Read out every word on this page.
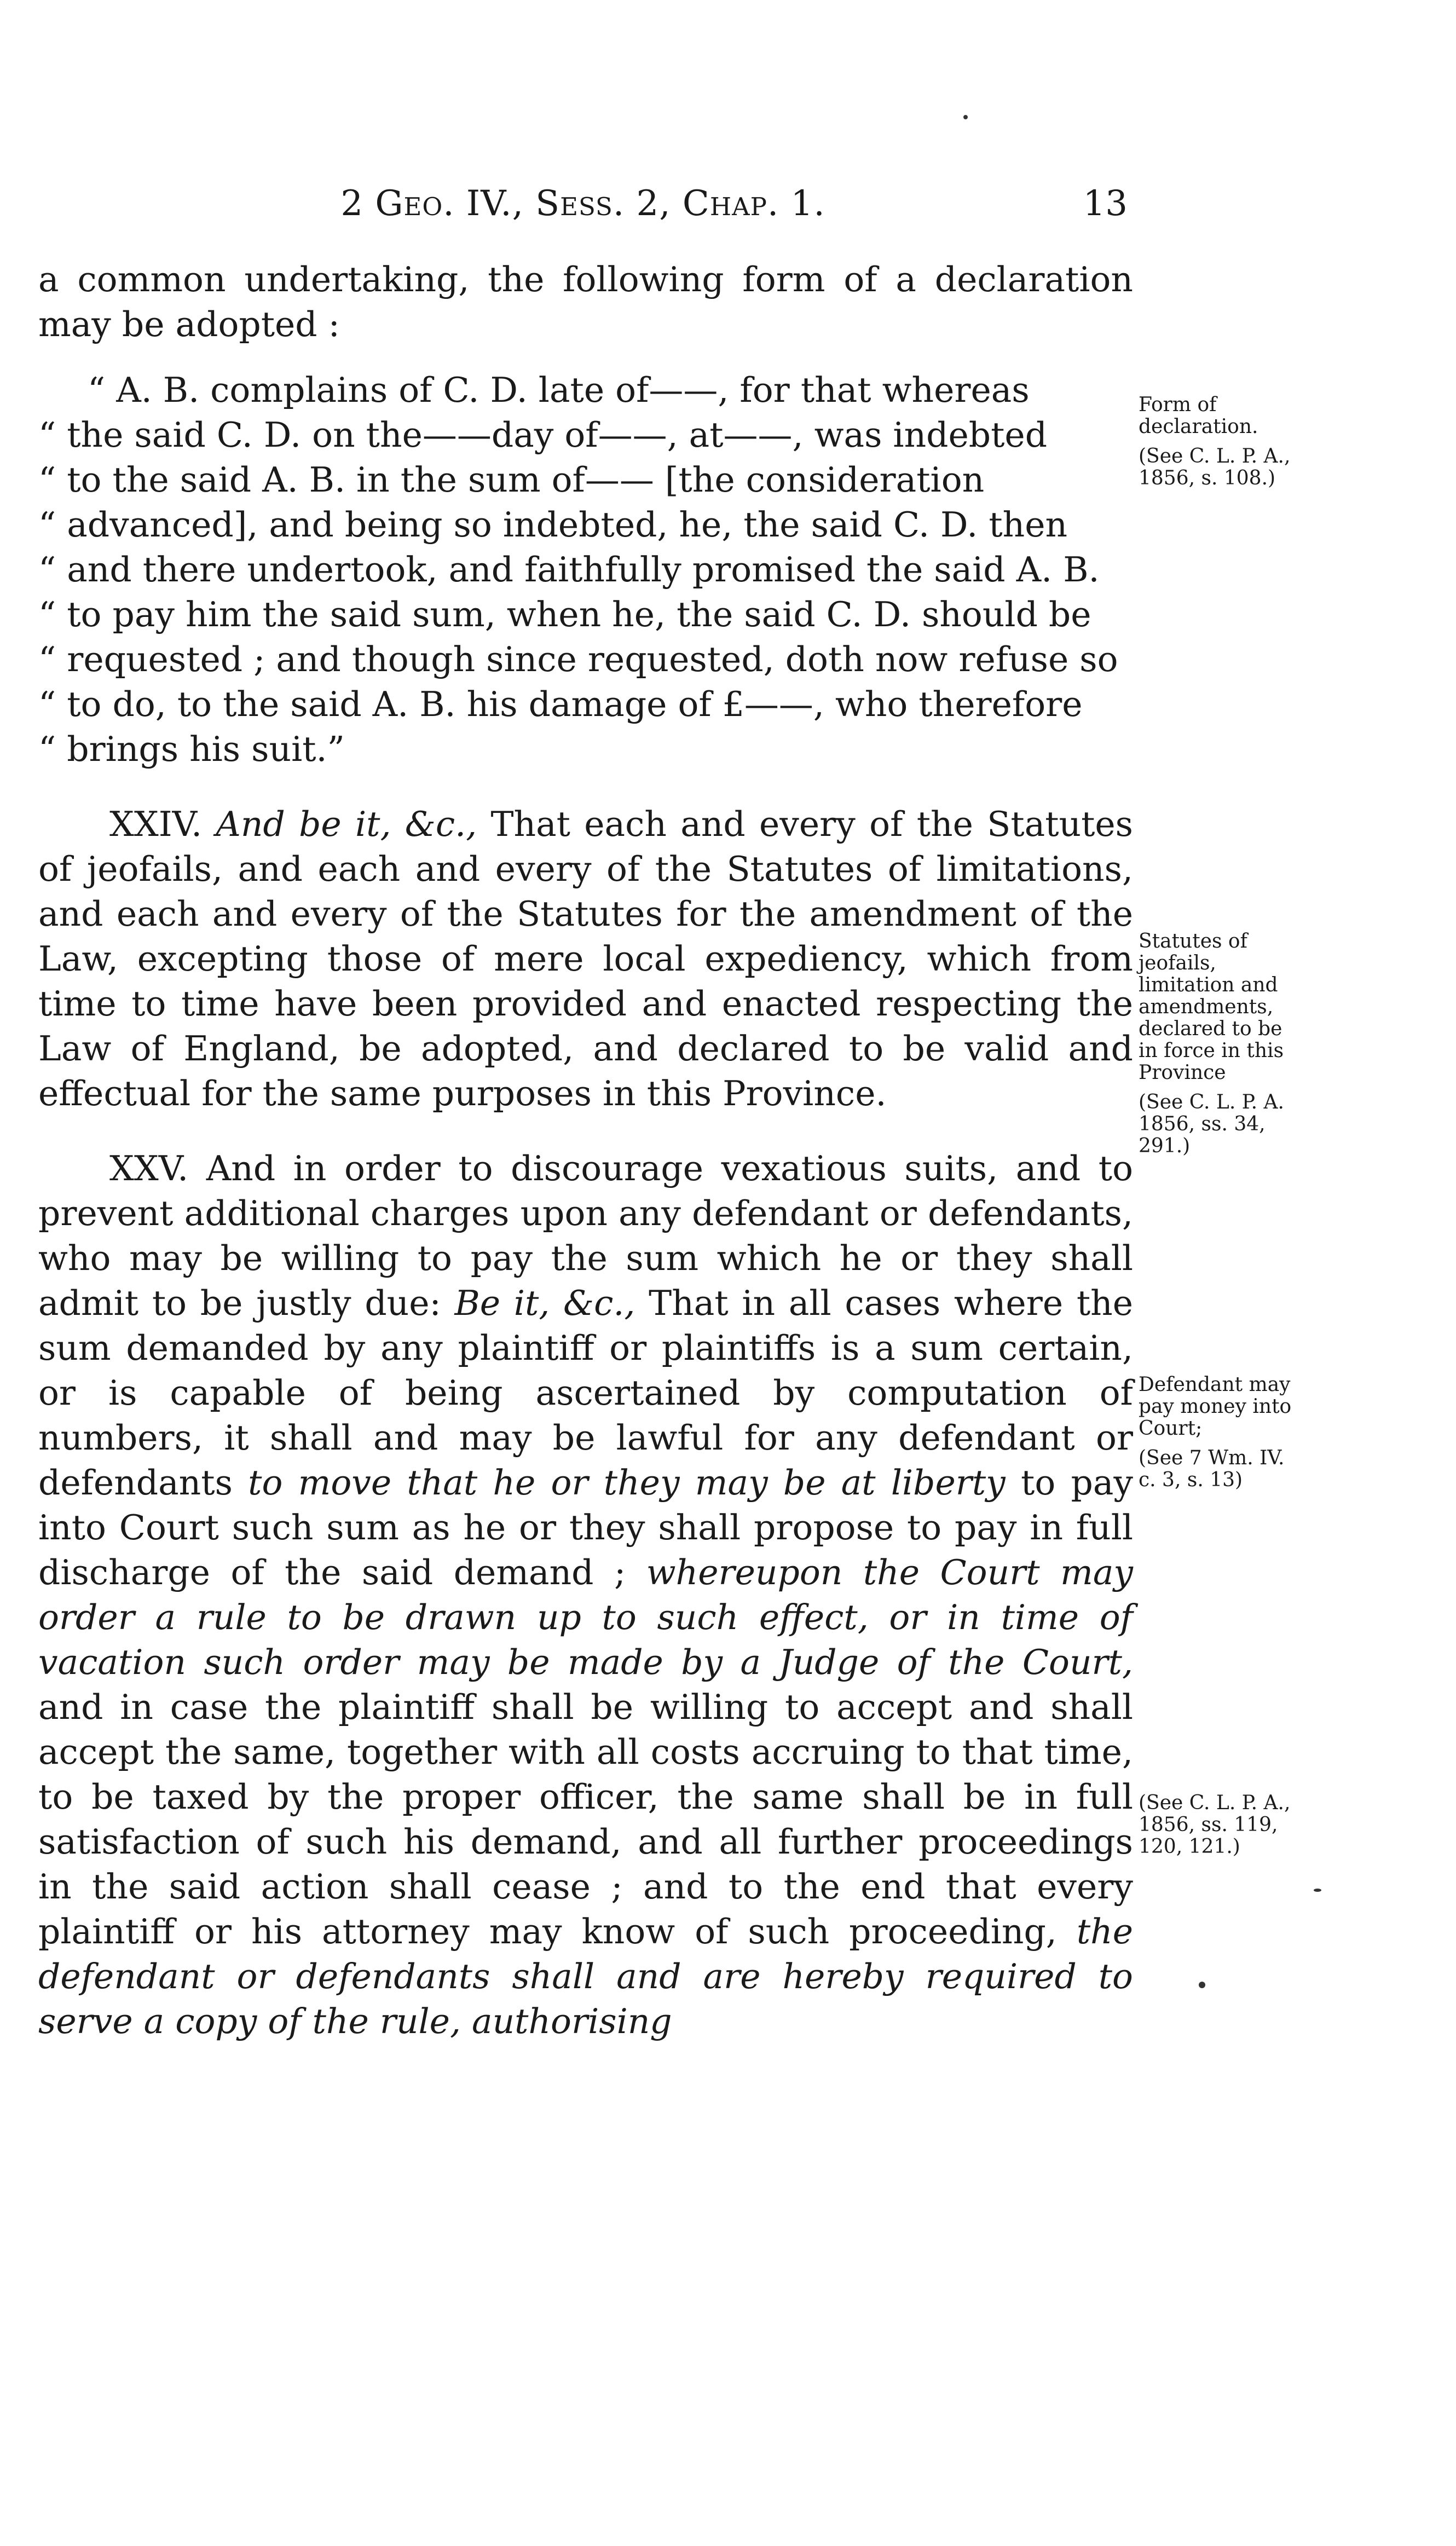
2 Geo. IV., Sess. 2, Chap. 1.	13

a common undertaking, the following form of a declaration may be adopted :

“ A. B. complains of C. D. late of——, for that whereas
“ the said C. D. on the——day of——, at——, was indebted
“ to the said A. B. in the sum of—— [the consideration
“ advanced], and being so indebted, he, the said C. D. then
“ and there undertook, and faithfully promised the said A. B.
“ to pay him the said sum, when he, the said C. D. should be
“ requested ; and though since requested, doth now refuse so
“ to do, to the said A. B. his damage of £——, who therefore
“ brings his suit.”

XXIV. And be it, &c., That each and every of the Statutes of jeofails, and each and every of the Statutes of limitations, and each and every of the Statutes for the amendment of the Law, excepting those of mere local expediency, which from time to time have been provided and enacted respecting the Law of England, be adopted, and declared to be valid and effectual for the same purposes in this Province.

XXV. And in order to discourage vexatious suits, and to prevent additional charges upon any defendant or defendants, who may be willing to pay the sum which he or they shall admit to be justly due: Be it, &c., That in all cases where the sum demanded by any plaintiff or plaintiffs is a sum certain, or is capable of being ascertained by computation of numbers, it shall and may be lawful for any defendant or defendants to move that he or they may be at liberty to pay into Court such sum as he or they shall propose to pay in full discharge of the said demand ; whereupon the Court may order a rule to be drawn up to such effect, or in time of vacation such order may be made by a Judge of the Court, and in case the plaintiff shall be willing to accept and shall accept the same, together with all costs accruing to that time, to be taxed by the proper officer, the same shall be in full satisfaction of such his demand, and all further proceedings in the said action shall cease ; and to the end that every plaintiff or his attorney may know of such proceeding, the defendant or defendants shall and are hereby required to serve a copy of the rule, authorising

Form of declaration.
(See C. L. P. A., 1856, s. 108.)
Statutes of jeofails, limitation and amendments, declared to be in force in this Province
(See C. L. P. A. 1856, ss. 34, 291.)
Defendant may pay money into Court;
(See 7 Wm. IV. c. 3, s. 13)
(See C. L. P. A., 1856, ss. 119, 120, 121.)
